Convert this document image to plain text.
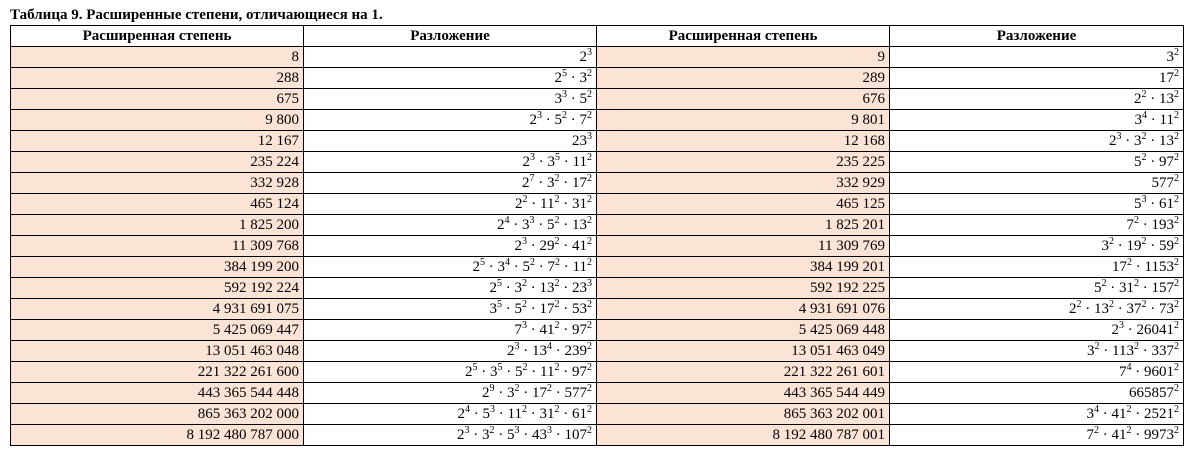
Таблица 9. Расширенные степени, отличающиеся на 1.
Расширенная степень	Разложение	Расширенная степень	Разложение
8	$2^3$	9	$3^2$
288	$2^5 \cdot 3^2$	289	$17^2$
675	$3^3 \cdot 5^2$	676	$2^2 \cdot 13^2$
9 800	$2^3 \cdot 5^2 \cdot 7^2$	9 801	$3^4 \cdot 11^2$
12 167	$23^3$	12 168	$2^3 \cdot 3^2 \cdot 13^2$
235 224	$2^3 \cdot 3^5 \cdot 11^2$	235 225	$5^2 \cdot 97^2$
332 928	$2^7 \cdot 3^2 \cdot 17^2$	332 929	$577^2$
465 124	$2^2 \cdot 11^2 \cdot 31^2$	465 125	$5^3 \cdot 61^2$
1 825 200	$2^4 \cdot 3^3 \cdot 5^2 \cdot 13^2$	1 825 201	$7^2 \cdot 193^2$
11 309 768	$2^3 \cdot 29^2 \cdot 41^2$	11 309 769	$3^2 \cdot 19^2 \cdot 59^2$
384 199 200	$2^5 \cdot 3^4 \cdot 5^2 \cdot 7^2 \cdot 11^2$	384 199 201	$17^2 \cdot 1153^2$
592 192 224	$2^5 \cdot 3^2 \cdot 13^2 \cdot 23^3$	592 192 225	$5^2 \cdot 31^2 \cdot 157^2$
4 931 691 075	$3^5 \cdot 5^2 \cdot 17^2 \cdot 53^2$	4 931 691 076	$2^2 \cdot 13^2 \cdot 37^2 \cdot 73^2$
5 425 069 447	$7^3 \cdot 41^2 \cdot 97^2$	5 425 069 448	$2^3 \cdot 26041^2$
13 051 463 048	$2^3 \cdot 13^4 \cdot 239^2$	13 051 463 049	$3^2 \cdot 113^2 \cdot 337^2$
221 322 261 600	$2^5 \cdot 3^5 \cdot 5^2 \cdot 11^2 \cdot 97^2$	221 322 261 601	$7^4 \cdot 9601^2$
443 365 544 448	$2^9 \cdot 3^2 \cdot 17^2 \cdot 577^2$	443 365 544 449	665857$^2$
865 363 202 000	$2^4 \cdot 5^3 \cdot 11^2 \cdot 31^2 \cdot 61^2$	865 363 202 001	$3^4 \cdot 41^2 \cdot 2521^2$
8 192 480 787 000	$2^3 \cdot 3^2 \cdot 5^3 \cdot 43^3 \cdot 107^2$	8 192 480 787 001	$7^2 \cdot 41^2 \cdot 9973^2$
